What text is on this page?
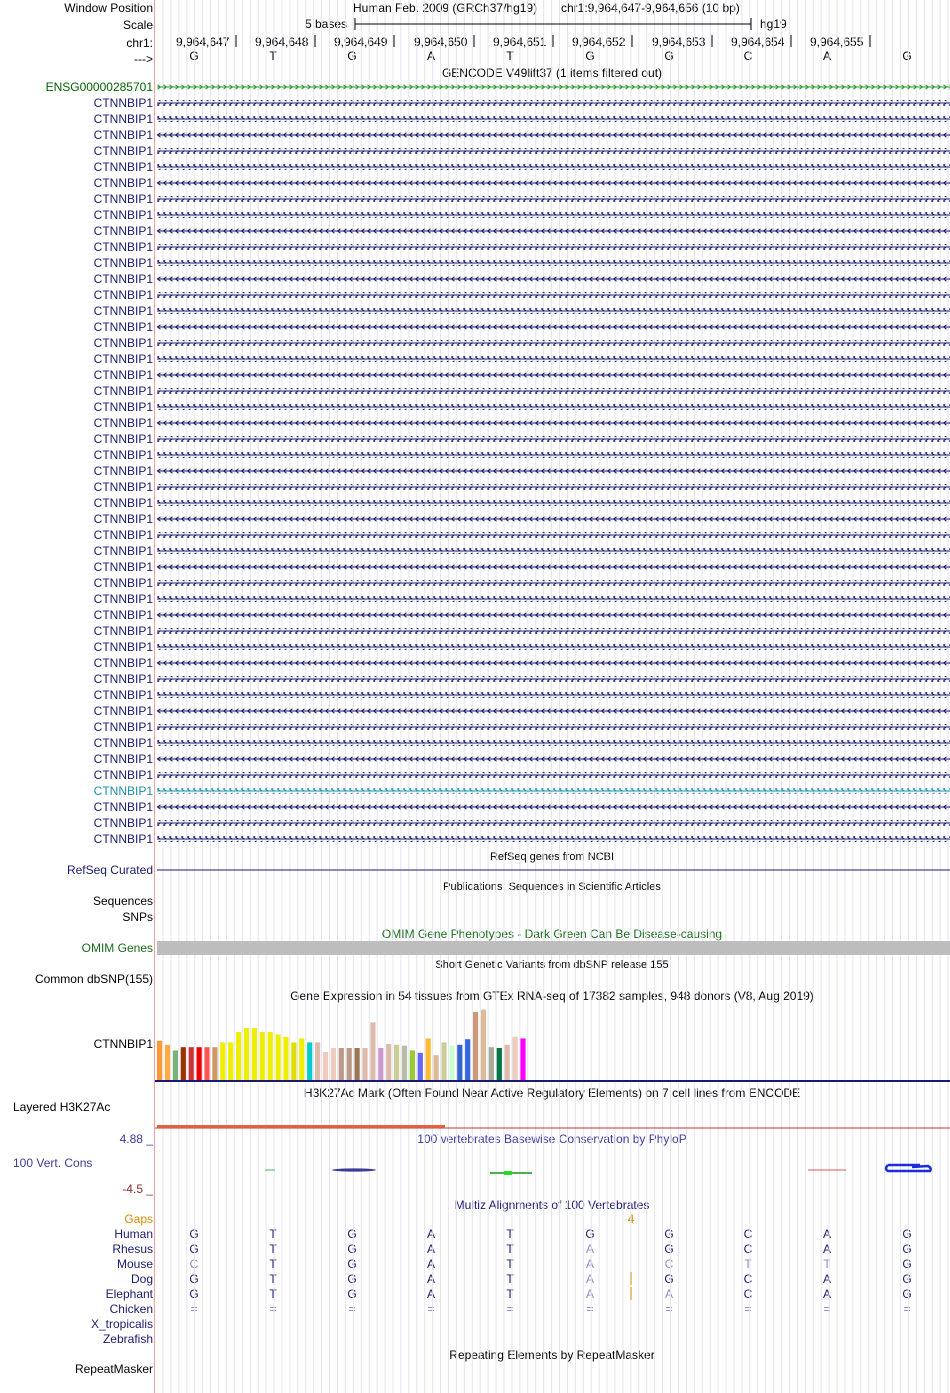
Window Position
Scale
chr1:
--->
Human Feb. 2009 (GRCh37/hg19) chr1:9,964,647-9,964,656 (10 bp)
5 bases	hg19
GENCODE V49lift37 (1 items filtered out)
ENSG00000285701
CTNNBIP1
CTNNBIP1
CTNNBIP1
CTNNBIP1
CTNNBIP1
CTNNBIP1
CTNNBIP1
CTNNBIP1
CTNNBIP1
CTNNBIP1
CTNNBIP1
CTNNBIP1
CTNNBIP1
CTNNBIP1
CTNNBIP1
CTNNBIP1
CTNNBIP1
CTNNBIP1
CTNNBIP1
CTNNBIP1
CTNNBIP1
CTNNBIP1
CTNNBIP1
CTNNBIP1
CTNNBIP1
CTNNBIP1
CTNNBIP1
CTNNBIP1
CTNNBIP1
CTNNBIP1
CTNNBIP1
CTNNBIP1
CTNNBIP1
CTNNBIP1
CTNNBIP1
CTNNBIP1
CTNNBIP1
CTNNBIP1
CTNNBIP1
CTNNBIP1
CTNNBIP1
CTNNBIP1
CTNNBIP1
CTNNBIP1
CTNNBIP1
CTNNBIP1
CTNNBIP1
RefSeq genes from NCBI
RefSeq Curated
Publications: Sequences in Scientific Articles
Sequences
SNPs
OMIM Gene Phenotypes - Dark Green Can Be Disease-causing
OMIM Genes
Short Genetic Variants from dbSNP release 155
Common dbSNP(155)
Gene Expression in 54 tissues from GTEx RNA-seq of 17382 samples, 948 donors (V8, Aug 2019)
CTNNBIP1
H3K27Ac Mark (Often Found Near Active Regulatory Elements) on 7 cell lines from ENCODE
Layered H3K27Ac
4.88 _	100 vertebrates Basewise Conservation by PhyloP
100 Vert. Cons
-4.5 _
Multiz Alignments of 100 Vertebrates
Gaps	4
Human	G	T	G	A	T	G	G	C	A	G
Rhesus	G	T	G	A	T	A	G	C	A	G
Mouse	C	T	G	A	T	A	C	T	T	G
Dog	G	T	G	A	T	A	G	C	A	G
Elephant	G	T	G	A	T	A	A	C	A	G
Chicken	=	=	=	=	=	=	=	=	=	=
X_tropicalis
Zebrafish
Repeating Elements by RepeatMasker
RepeatMasker
9,964,647 9,964,648 9,964,649 9,964,650 9,964,651 9,964,652 9,964,653 9,964,654 9,964,655
G	T	G	A	T	G	G	C	A	G
